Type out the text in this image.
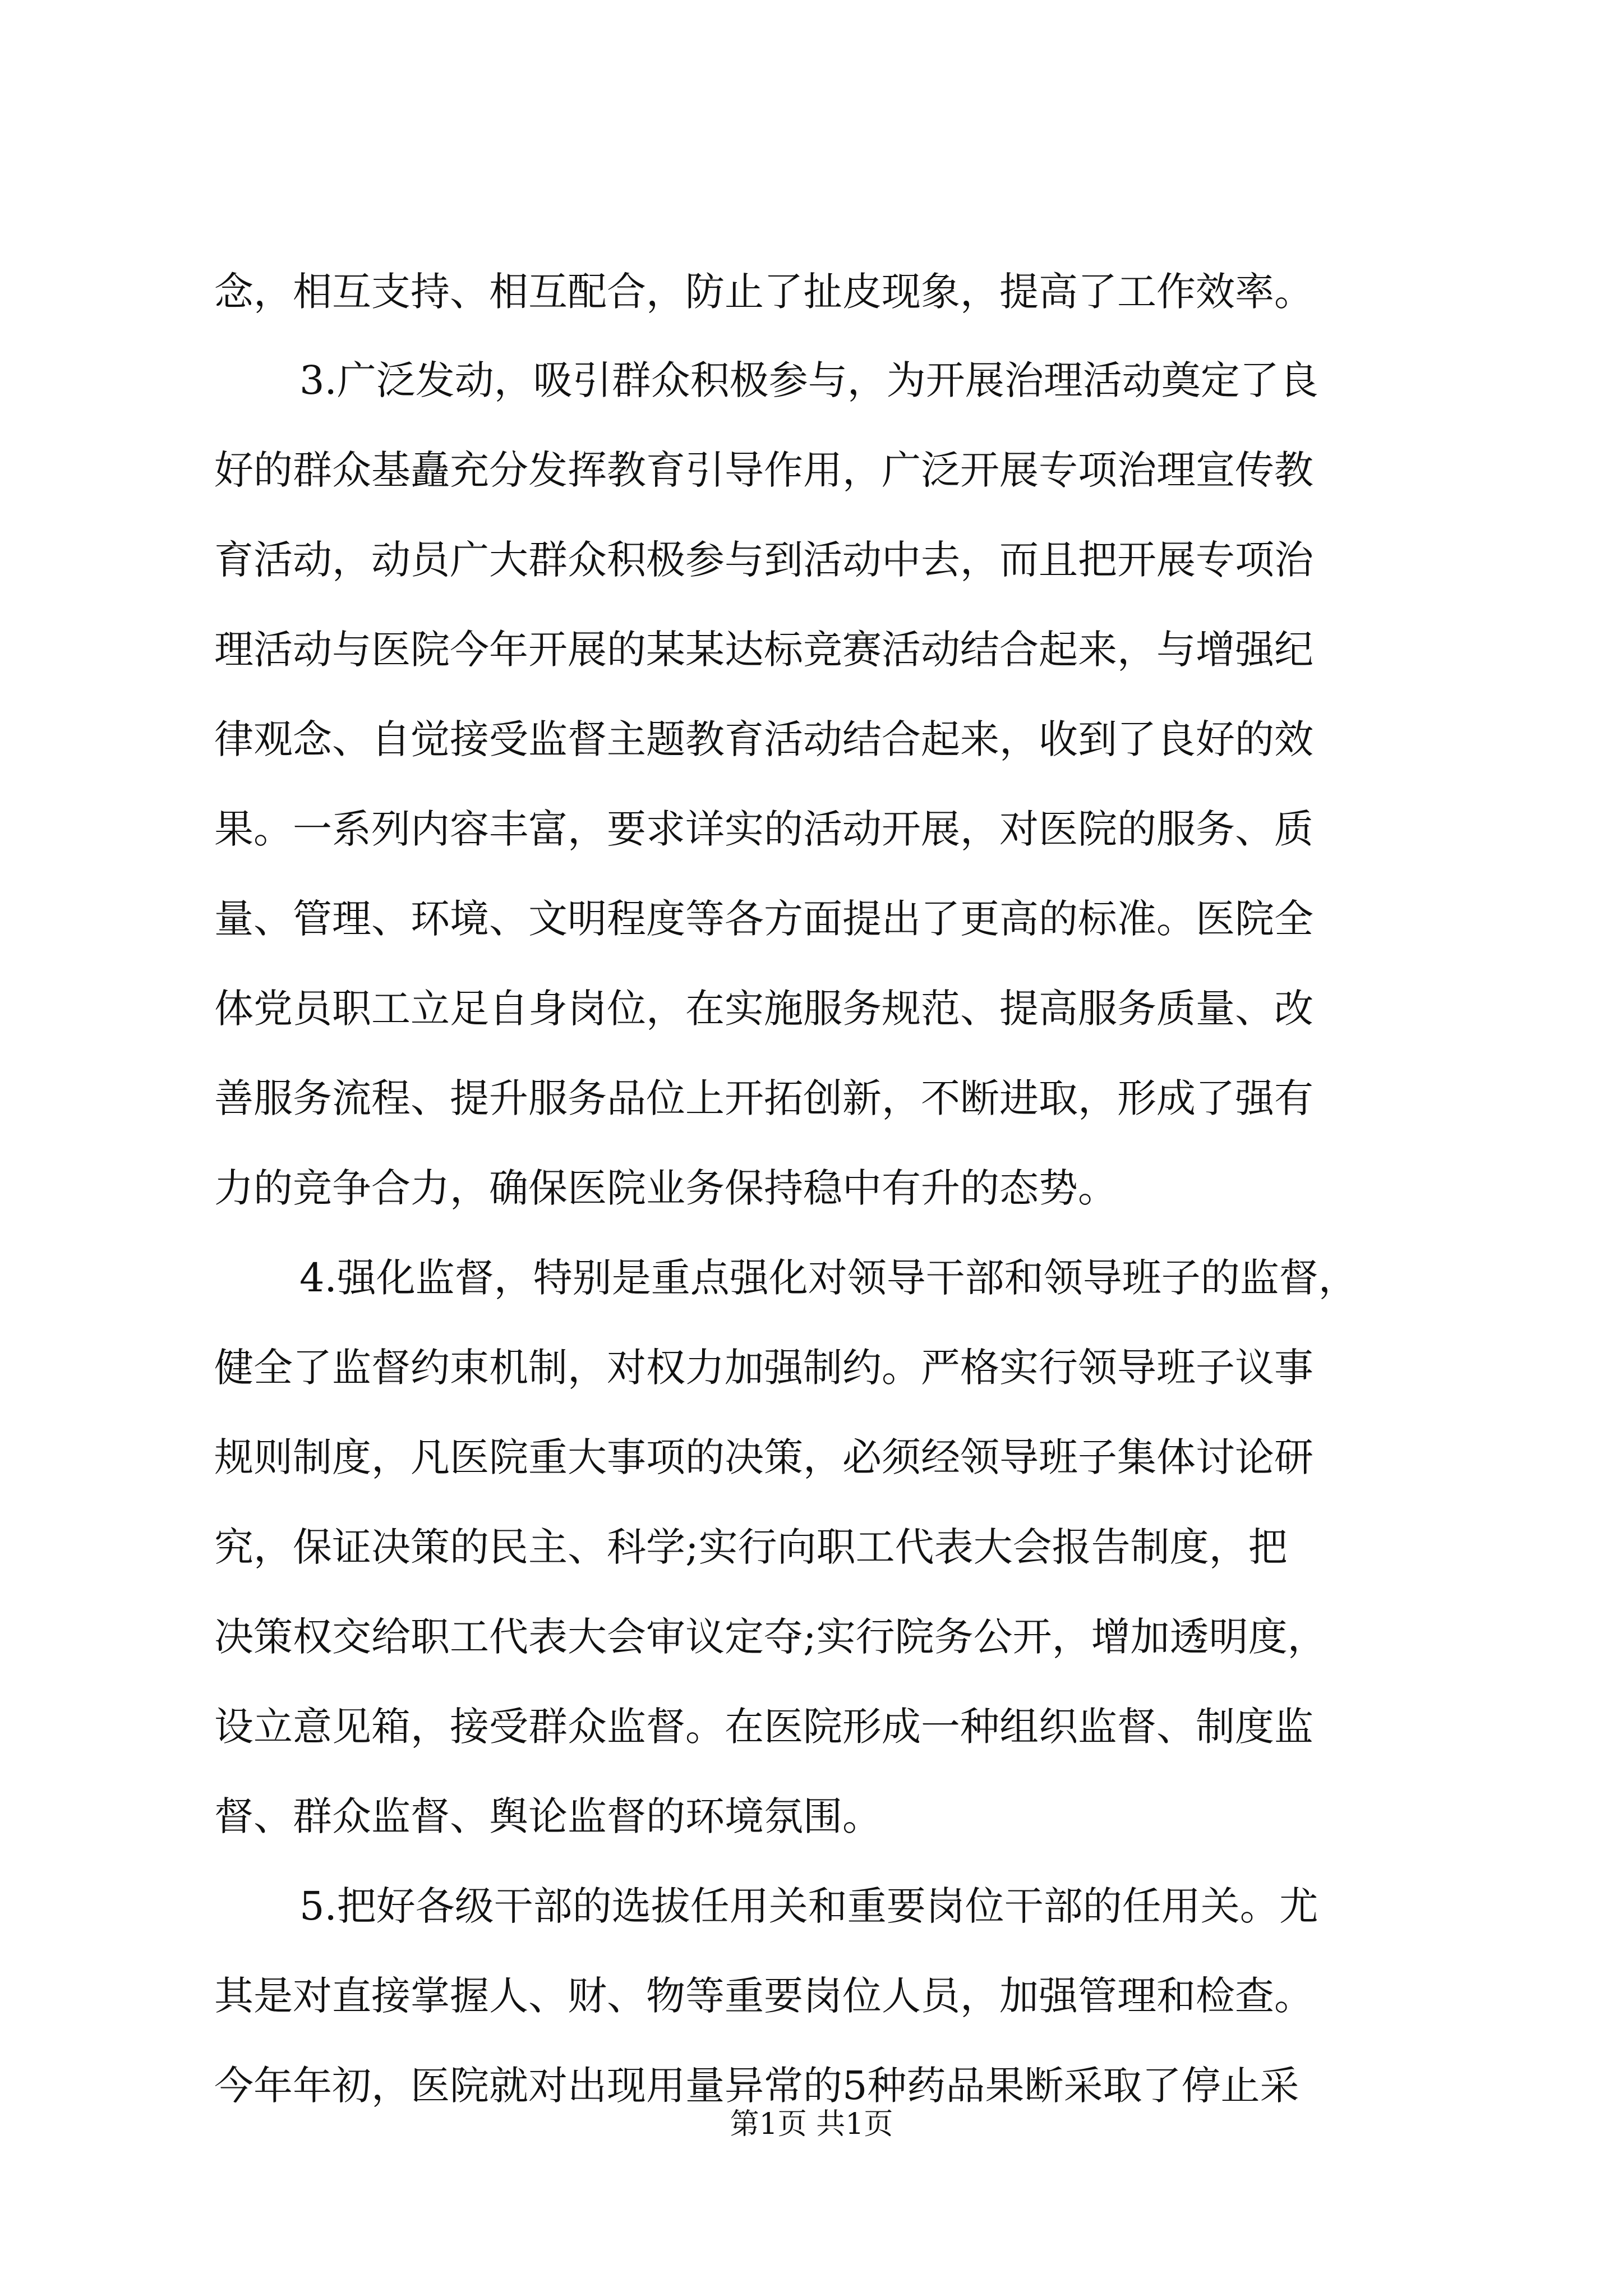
念，相互支持、相互配合，防止了扯皮现象，提高了工作效率。
3.广泛发动，吸引群众积极参与，为开展治理活动奠定了良
好的群众基矗充分发挥教育引导作用，广泛开展专项治理宣传教
育活动，动员广大群众积极参与到活动中去，而且把开展专项治
理活动与医院今年开展的某某达标竞赛活动结合起来，与增强纪
律观念、自觉接受监督主题教育活动结合起来，收到了良好的效
果。一系列内容丰富，要求详实的活动开展，对医院的服务、质
量、管理、环境、文明程度等各方面提出了更高的标准。医院全
体党员职工立足自身岗位，在实施服务规范、提高服务质量、改
善服务流程、提升服务品位上开拓创新，不断进取，形成了强有
力的竞争合力，确保医院业务保持稳中有升的态势。
4.强化监督，特别是重点强化对领导干部和领导班子的监督，
健全了监督约束机制，对权力加强制约。严格实行领导班子议事
规则制度，凡医院重大事项的决策，必须经领导班子集体讨论研
究，保证决策的民主、科学;实行向职工代表大会报告制度，把
决策权交给职工代表大会审议定夺;实行院务公开，增加透明度，
设立意见箱，接受群众监督。在医院形成一种组织监督、制度监
督、群众监督、舆论监督的环境氛围。
5.把好各级干部的选拔任用关和重要岗位干部的任用关。尤
其是对直接掌握人、财、物等重要岗位人员，加强管理和检查。
今年年初，医院就对出现用量异常的5种药品果断采取了停止采
第1页 共1页
